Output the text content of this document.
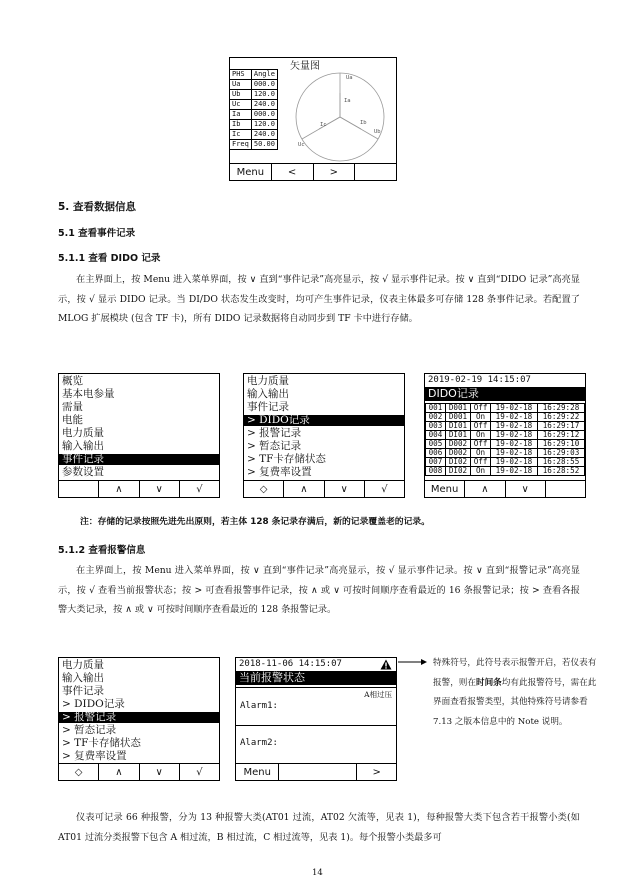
矢量图
PHS	Angle
Ua	000.0
Ub	120.0
Uc	240.0
Ia	000.0
Ib	120.0
Ic	240.0
Freq	50.00
Ua
Ia
Ib
Ub
Ic
Uc
Menu	<	>
5. 查看数据信息
5.1 查看事件记录
5.1.1 查看 DIDO 记录
在主界面上，按 Menu 进入菜单界面，按 ∨ 直到“事件记录”高亮显示，按 √ 显示事件记录。按 ∨ 直到“DIDO 记录”高亮显示，按 √ 显示 DIDO 记录。当 DI/DO 状态发生改变时，均可产生事件记录，仪表主体最多可存储 128 条事件记录。若配置了 MLOG 扩展模块 (包含 TF 卡)，所有 DIDO 记录数据将自动同步到 TF 卡中进行存储。
概览
基本电参量
需量
电能
电力质量
输入输出
事件记录
参数设置
∧	∨	√
电力质量
输入输出
事件记录
> DIDO记录
> 报警记录
> 暂态记录
> TF卡存储状态
> 复费率设置
◇	∧	∨	√
2019-02-19 14:15:07
DIDO记录
001	D001	Off	19-02-18	16:29:28
002	D001	On	19-02-18	16:29:22
003	DI01	Off	19-02-18	16:29:17
004	DI01	On	19-02-18	16:29:12
005	D002	Off	19-02-18	16:29:10
006	D002	On	19-02-18	16:29:03
007	DI02	Off	19-02-18	16:28:55
008	DI02	On	19-02-18	16:28:52
Menu	∧	∨
注：存储的记录按照先进先出原则，若主体 128 条记录存满后，新的记录覆盖老的记录。
5.1.2 查看报警信息
在主界面上，按 Menu 进入菜单界面，按 ∨ 直到“事件记录”高亮显示，按 √ 显示事件记录。按 ∨ 直到“报警记录”高亮显示，按 √ 查看当前报警状态；按 > 可查看报警事件记录，按 ∧ 或 ∨ 可按时间顺序查看最近的 16 条报警记录；按 > 查看各报警大类记录，按 ∧ 或 ∨ 可按时间顺序查看最近的 128 条报警记录。
电力质量
输入输出
事件记录
> DIDO记录
> 报警记录
> 暂态记录
> TF卡存储状态
> 复费率设置
◇	∧	∨	√
2018-11-06 14:15:07
当前报警状态
Alarm1:
A相过压
Alarm2:
Menu	>
特殊符号，此符号表示报警开启，若仪表有报警，则在时间条均有此报警符号，需在此界面查看报警类型，其他特殊符号请参看 7.13 之版本信息中的 Note 说明。
仪表可记录 66 种报警，分为 13 种报警大类(AT01 过流，AT02 欠流等，见表 1)，每种报警大类下包含若干报警小类(如 AT01 过流分类报警下包含 A 相过流，B 相过流，C 相过流等，见表 1)。每个报警小类最多可
14
